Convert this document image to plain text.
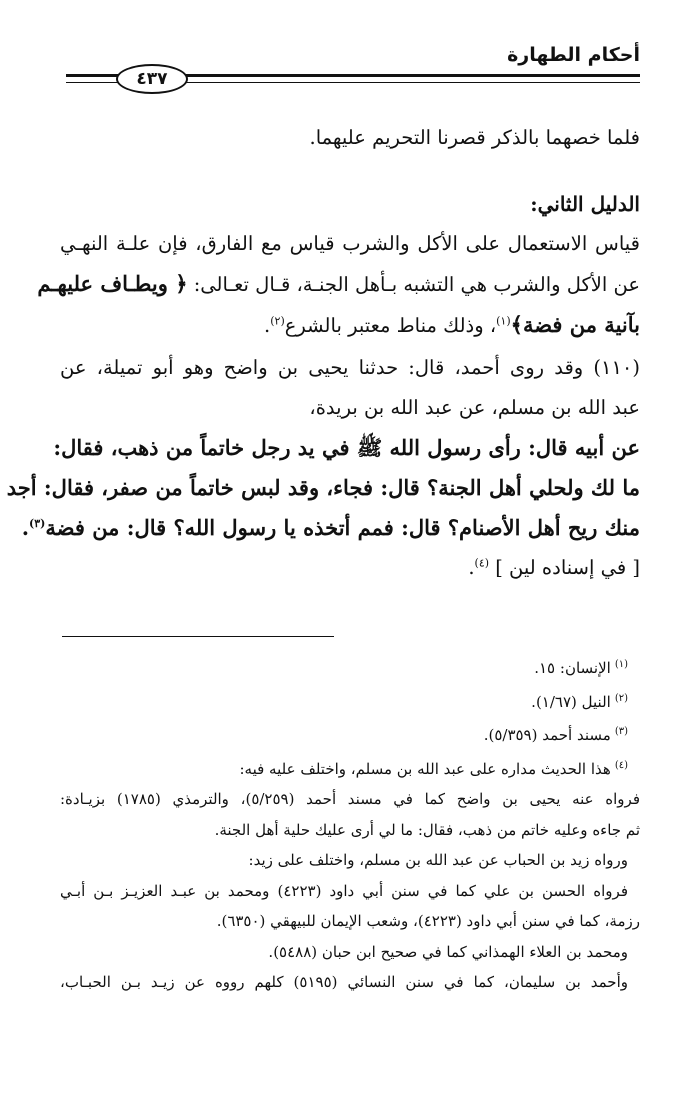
أحكام الطهارة
٤٣٧
فلما خصهما بالذكر قصرنا التحريم عليهما.
الدليل الثاني:
قياس الاستعمال على الأكل والشرب قياس مع الفارق، فإن علـة النهـي
عن الأكل والشرب هي التشبه بـأهل الجنـة، قـال تعـالى: ﴿ ويطـاف عليهـم
بآنية من فضة﴾$^{(١)}$، وذلك مناط معتبر بالشرع$^{(٢)}$.
(١١٠) وقد روى أحمد، قال: حدثنا يحيى بن واضح وهو أبو تميلة، عن
عبد الله بن مسلم، عن عبد الله بن بريدة،
عن أبيه قال: رأى رسول الله ﷺ في يد رجل خاتماً من ذهب، فقال:
ما لك ولحلي أهل الجنة؟ قال: فجاء، وقد لبس خاتماً من صفر، فقال: أجد
منك ريح أهل الأصنام؟ قال: فمم أتخذه يا رسول الله؟ قال: من فضة$^{(٣)}$.
[ في إسناده لين ] $^{(٤)}$.
$^{(١)}$الإنسان: ١٥.
$^{(٢)}$النيل (١/٦٧).
$^{(٣)}$مسند أحمد (٥/٣٥٩).
$^{(٤)}$هذا الحديث مداره على عبد الله بن مسلم، واختلف عليه فيه:
فرواه عنه يحيى بن واضح كما في مسند أحمد (٥/٢٥٩)، والترمذي (١٧٨٥) بزيـادة:
ثم جاءه وعليه خاتم من ذهب، فقال: ما لي أرى عليك حلية أهل الجنة.
ورواه زيد بن الحباب عن عبد الله بن مسلم، واختلف على زيد:
فرواه الحسن بن علي كما في سنن أبي داود (٤٢٢٣) ومحمد بن عبـد العزيـز بـن أبـي
رزمة، كما في سنن أبي داود (٤٢٢٣)، وشعب الإيمان للبيهقي (٦٣٥٠).
ومحمد بن العلاء الهمذاني كما في صحيح ابن حبان (٥٤٨٨).
وأحمد بن سليمان، كما في سنن النسائي (٥١٩٥) كلهم رووه عن زيـد بـن الحبـاب،
